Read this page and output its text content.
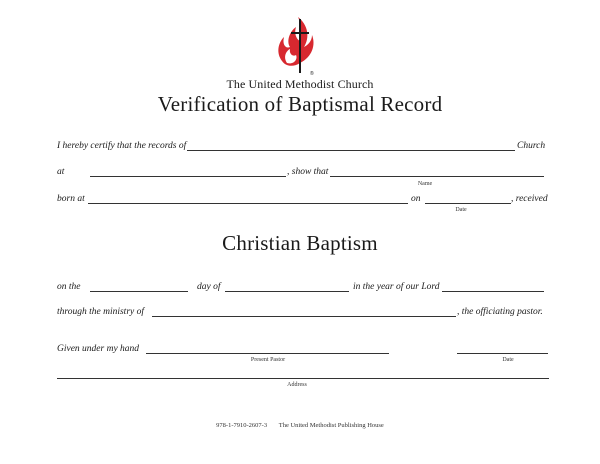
®
The United Methodist Church
Verification of Baptismal Record
I hereby certify that the records of	Church
at	, show that
Name
born at	on	, received
Date
Christian Baptism
on the	day of	in the year of our Lord
through the ministry of	, the officiating pastor.
Given under my hand
Present Pastor	Date
Address
978-1-7910-2607-3 The United Methodist Publishing House
